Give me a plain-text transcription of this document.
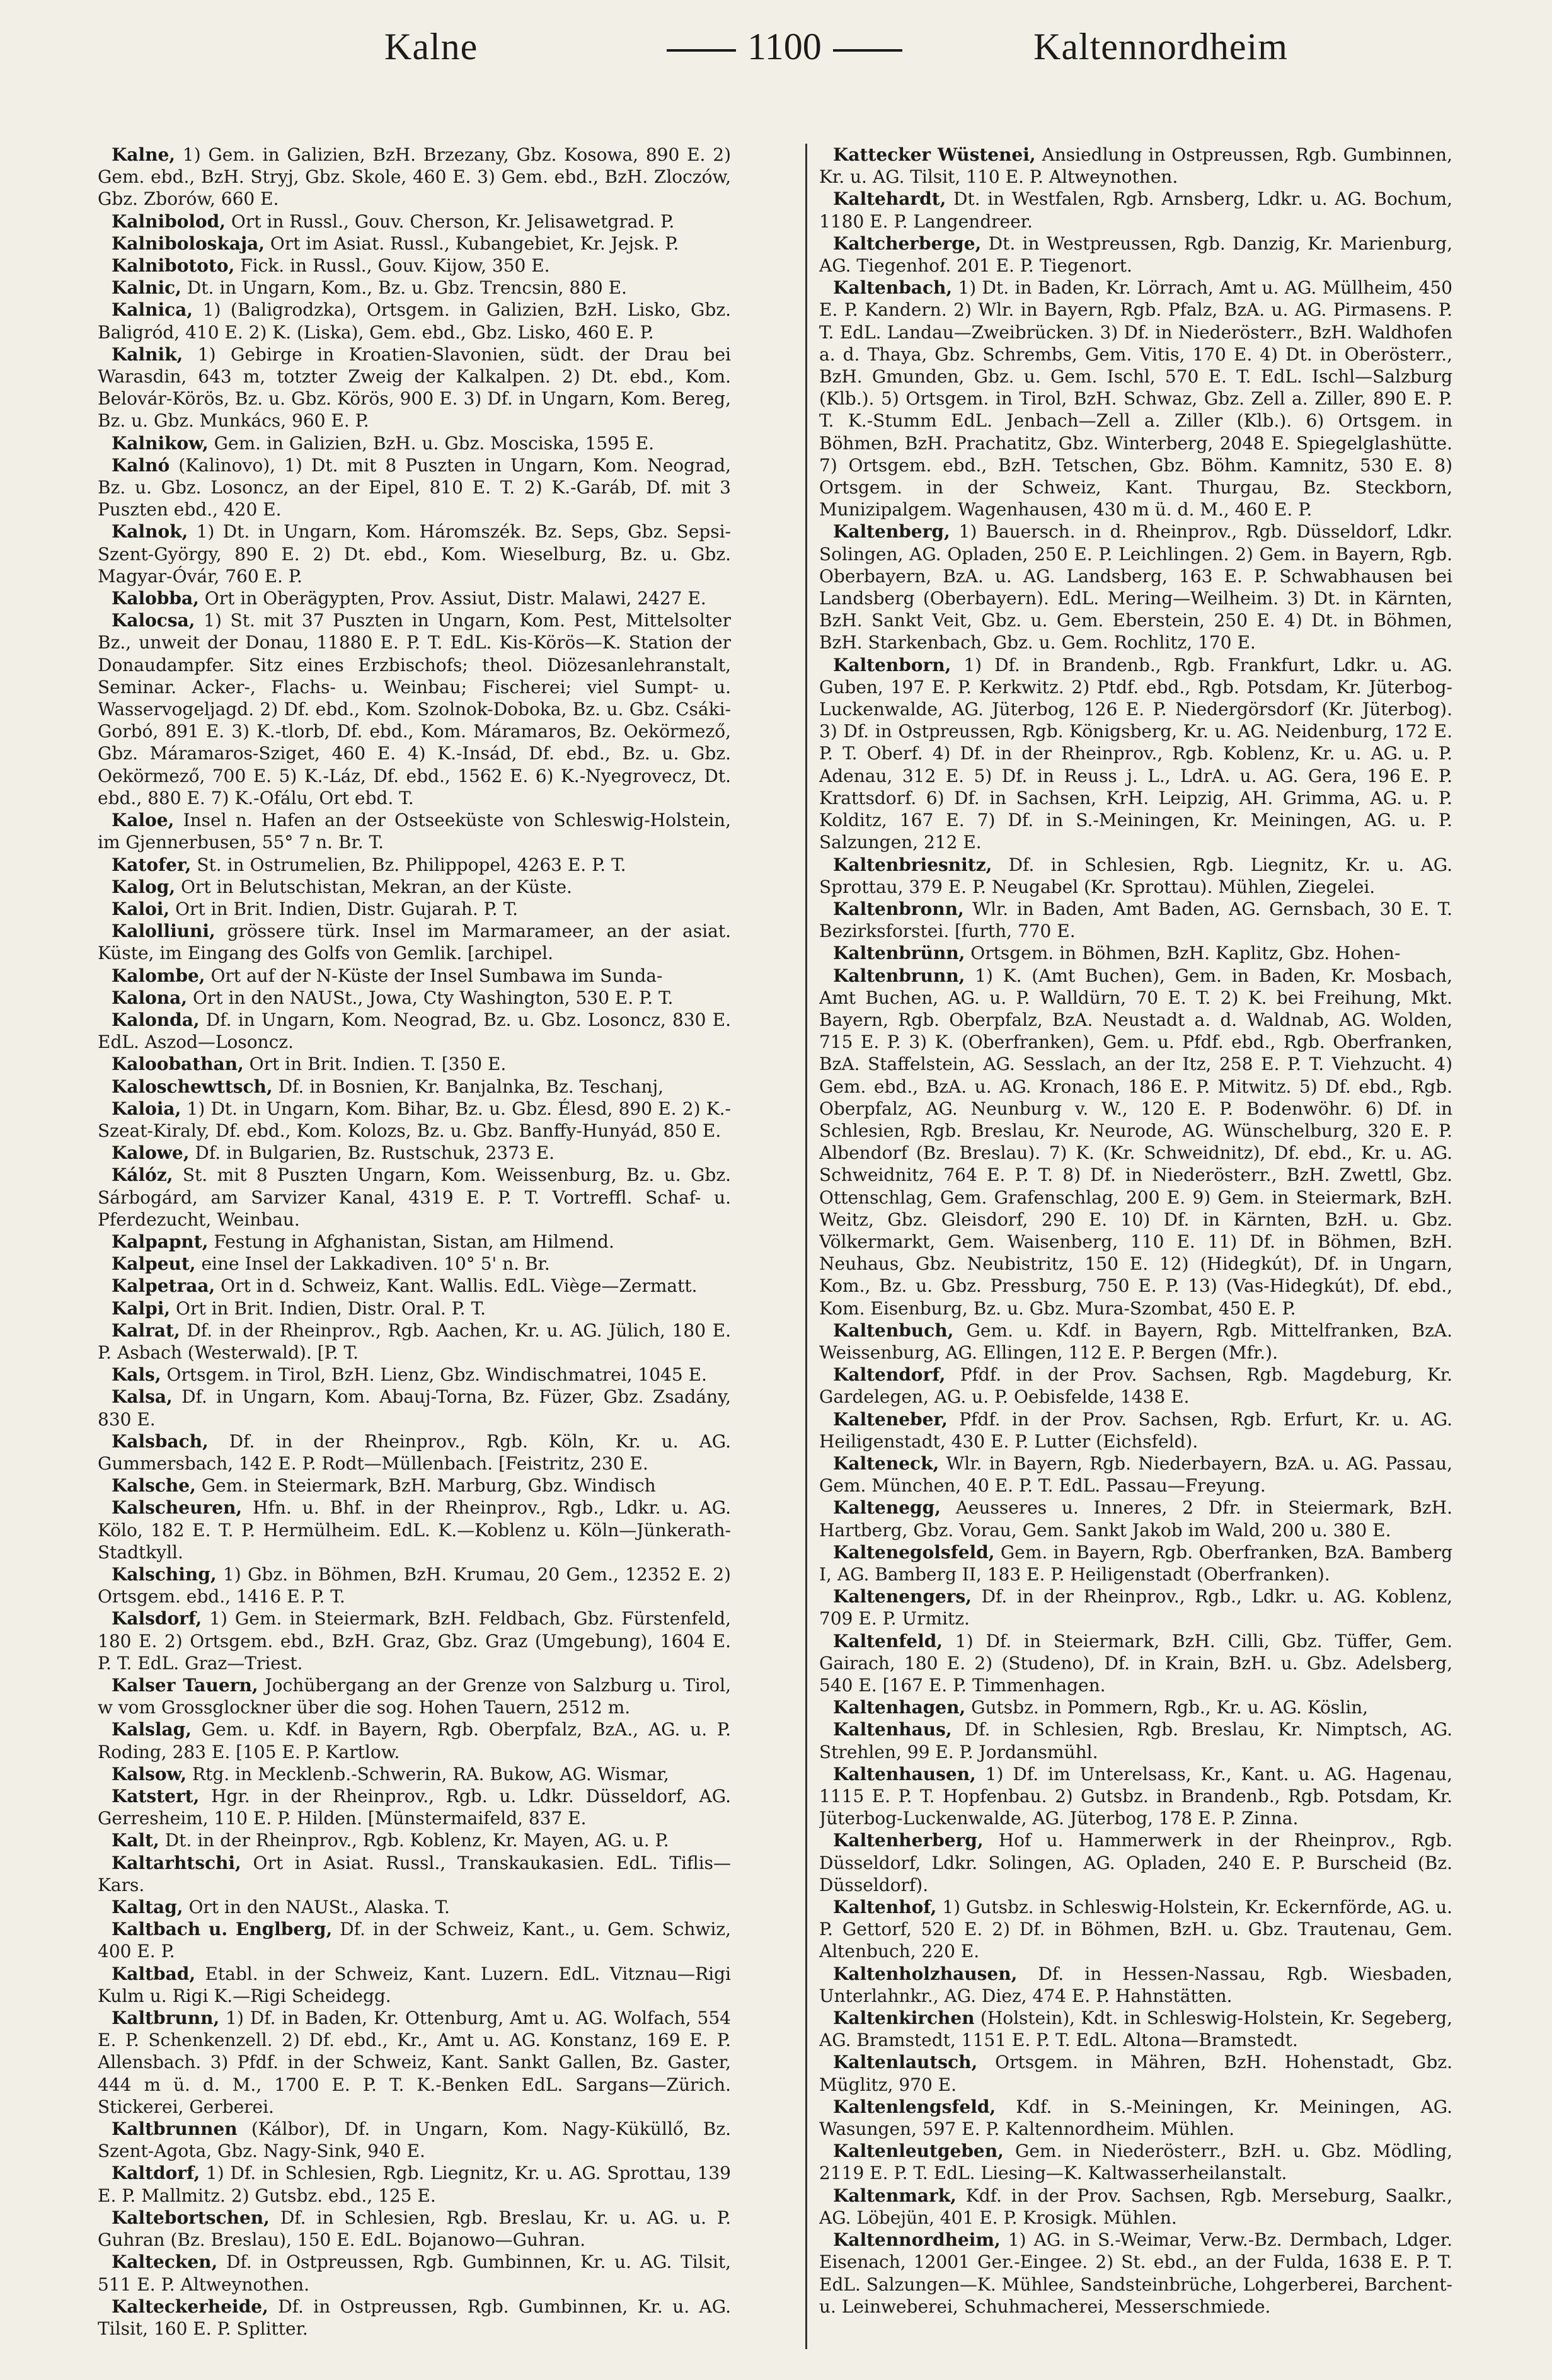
Kalne	1100	Kaltennordheim

Kalne, 1) Gem. in Galizien, BzH. Brzezany, Gbz. Kosowa, 890 E. 2) Gem. ebd., BzH. Stryj, Gbz. Skole, 460 E. 3) Gem. ebd., BzH. Zloczów, Gbz. Zborów, 660 E.

Kalnibolod, Ort in Russl., Gouv. Cherson, Kr. Jelisawetgrad. P.

Kalniboloskaja, Ort im Asiat. Russl., Kubangebiet, Kr. Jejsk. P.

Kalnibototo, Fick. in Russl., Gouv. Kijow, 350 E.

Kalnic, Dt. in Ungarn, Kom., Bz. u. Gbz. Trencsin, 880 E.

Kalnica, 1) (Baligrodzka), Ortsgem. in Galizien, BzH. Lisko, Gbz. Baligród, 410 E. 2) K. (Liska), Gem. ebd., Gbz. Lisko, 460 E. P.

Kalnik, 1) Gebirge in Kroatien-Slavonien, südt. der Drau bei Warasdin, 643 m, totzter Zweig der Kalkalpen. 2) Dt. ebd., Kom. Belovár-Körös, Bz. u. Gbz. Körös, 900 E. 3) Df. in Ungarn, Kom. Bereg, Bz. u. Gbz. Munkács, 960 E. P.

Kalnikow, Gem. in Galizien, BzH. u. Gbz. Mosciska, 1595 E.

Kalnó (Kalinovo), 1) Dt. mit 8 Puszten in Ungarn, Kom. Neograd, Bz. u. Gbz. Losoncz, an der Eipel, 810 E. T. 2) K.-Garáb, Df. mit 3 Puszten ebd., 420 E.

Kalnok, 1) Dt. in Ungarn, Kom. Háromszék. Bz. Seps, Gbz. Sepsi-Szent-György, 890 E. 2) Dt. ebd., Kom. Wieselburg, Bz. u. Gbz. Magyar-Óvár, 760 E. P.

Kalobba, Ort in Oberägypten, Prov. Assiut, Distr. Malawi, 2427 E.

Kalocsa, 1) St. mit 37 Puszten in Ungarn, Kom. Pest, Mittelsolter Bz., unweit der Donau, 11880 E. P. T. EdL. Kis-Körös—K. Station der Donaudampfer. Sitz eines Erzbischofs; theol. Diözesanlehranstalt, Seminar. Acker-, Flachs- u. Weinbau; Fischerei; viel Sumpt- u. Wasservogeljagd. 2) Df. ebd., Kom. Szolnok-Doboka, Bz. u. Gbz. Csáki-Gorbó, 891 E. 3) K.-tlorb, Df. ebd., Kom. Máramaros, Bz. Oekörmező, Gbz. Máramaros-Sziget, 460 E. 4) K.-Insád, Df. ebd., Bz. u. Gbz. Oekörmező, 700 E. 5) K.-Láz, Df. ebd., 1562 E. 6) K.-Nyegrovecz, Dt. ebd., 880 E. 7) K.-Ofálu, Ort ebd. T.

Kaloe, Insel n. Hafen an der Ostseeküste von Schleswig-Holstein, im Gjennerbusen, 55° 7 n. Br. T.

Katofer, St. in Ostrumelien, Bz. Philippopel, 4263 E. P. T.

Kalog, Ort in Belutschistan, Mekran, an der Küste.

Kaloi, Ort in Brit. Indien, Distr. Gujarah. P. T.

Kalolliuni, grössere türk. Insel im Marmarameer, an der asiat. Küste, im Eingang des Golfs von Gemlik. [archipel.

Kalombe, Ort auf der N-Küste der Insel Sumbawa im Sunda-

Kalona, Ort in den NAUSt., Jowa, Cty Washington, 530 E. P. T.

Kalonda, Df. in Ungarn, Kom. Neograd, Bz. u. Gbz. Losoncz, 830 E. EdL. Aszod—Losoncz.

Kaloobathan, Ort in Brit. Indien. T. [350 E.

Kaloschewttsch, Df. in Bosnien, Kr. Banjalnka, Bz. Teschanj,

Kaloia, 1) Dt. in Ungarn, Kom. Bihar, Bz. u. Gbz. Élesd, 890 E. 2) K.-Szeat-Kiraly, Df. ebd., Kom. Kolozs, Bz. u. Gbz. Banffy-Hunyád, 850 E.

Kalowe, Df. in Bulgarien, Bz. Rustschuk, 2373 E.

Kálóz, St. mit 8 Puszten Ungarn, Kom. Weissenburg, Bz. u. Gbz. Sárbogárd, am Sarvizer Kanal, 4319 E. P. T. Vortreffl. Schaf- u. Pferdezucht, Weinbau.

Kalpapnt, Festung in Afghanistan, Sistan, am Hilmend.

Kalpeut, eine Insel der Lakkadiven. 10° 5' n. Br.

Kalpetraa, Ort in d. Schweiz, Kant. Wallis. EdL. Viège—Zermatt.

Kalpi, Ort in Brit. Indien, Distr. Oral. P. T.

Kalrat, Df. in der Rheinprov., Rgb. Aachen, Kr. u. AG. Jülich, 180 E. P. Asbach (Westerwald). [P. T.

Kals, Ortsgem. in Tirol, BzH. Lienz, Gbz. Windischmatrei, 1045 E.

Kalsa, Df. in Ungarn, Kom. Abauj-Torna, Bz. Füzer, Gbz. Zsadány, 830 E.

Kalsbach, Df. in der Rheinprov., Rgb. Köln, Kr. u. AG. Gummersbach, 142 E. P. Rodt—Müllenbach. [Feistritz, 230 E.

Kalsche, Gem. in Steiermark, BzH. Marburg, Gbz. Windisch

Kalscheuren, Hfn. u. Bhf. in der Rheinprov., Rgb., Ldkr. u. AG. Kölo, 182 E. T. P. Hermülheim. EdL. K.—Koblenz u. Köln—Jünkerath-Stadtkyll.

Kalsching, 1) Gbz. in Böhmen, BzH. Krumau, 20 Gem., 12352 E. 2) Ortsgem. ebd., 1416 E. P. T.

Kalsdorf, 1) Gem. in Steiermark, BzH. Feldbach, Gbz. Fürstenfeld, 180 E. 2) Ortsgem. ebd., BzH. Graz, Gbz. Graz (Umgebung), 1604 E. P. T. EdL. Graz—Triest.

Kalser Tauern, Jochübergang an der Grenze von Salzburg u. Tirol, w vom Grossglockner über die sog. Hohen Tauern, 2512 m.

Kalslag, Gem. u. Kdf. in Bayern, Rgb. Oberpfalz, BzA., AG. u. P. Roding, 283 E. [105 E. P. Kartlow.

Kalsow, Rtg. in Mecklenb.-Schwerin, RA. Bukow, AG. Wismar,

Katstert, Hgr. in der Rheinprov., Rgb. u. Ldkr. Düsseldorf, AG. Gerresheim, 110 E. P. Hilden. [Münstermaifeld, 837 E.

Kalt, Dt. in der Rheinprov., Rgb. Koblenz, Kr. Mayen, AG. u. P.

Kaltarhtschi, Ort in Asiat. Russl., Transkaukasien. EdL. Tiflis—Kars.

Kaltag, Ort in den NAUSt., Alaska. T.

Kaltbach u. Englberg, Df. in der Schweiz, Kant., u. Gem. Schwiz, 400 E. P.

Kaltbad, Etabl. in der Schweiz, Kant. Luzern. EdL. Vitznau—Rigi Kulm u. Rigi K.—Rigi Scheidegg.

Kaltbrunn, 1) Df. in Baden, Kr. Ottenburg, Amt u. AG. Wolfach, 554 E. P. Schenkenzell. 2) Df. ebd., Kr., Amt u. AG. Konstanz, 169 E. P. Allensbach. 3) Pfdf. in der Schweiz, Kant. Sankt Gallen, Bz. Gaster, 444 m ü. d. M., 1700 E. P. T. K.-Benken EdL. Sargans—Zürich. Stickerei, Gerberei.

Kaltbrunnen (Kálbor), Df. in Ungarn, Kom. Nagy-Küküllő, Bz. Szent-Agota, Gbz. Nagy-Sink, 940 E.

Kaltdorf, 1) Df. in Schlesien, Rgb. Liegnitz, Kr. u. AG. Sprottau, 139 E. P. Mallmitz. 2) Gutsbz. ebd., 125 E.

Kaltebortschen, Df. in Schlesien, Rgb. Breslau, Kr. u. AG. u. P. Guhran (Bz. Breslau), 150 E. EdL. Bojanowo—Guhran.

Kaltecken, Df. in Ostpreussen, Rgb. Gumbinnen, Kr. u. AG. Tilsit, 511 E. P. Altweynothen.

Kalteckerheide, Df. in Ostpreussen, Rgb. Gumbinnen, Kr. u. AG. Tilsit, 160 E. P. Splitter.

Kattecker Wüstenei, Ansiedlung in Ostpreussen, Rgb. Gumbinnen, Kr. u. AG. Tilsit, 110 E. P. Altweynothen.

Kaltehardt, Dt. in Westfalen, Rgb. Arnsberg, Ldkr. u. AG. Bochum, 1180 E. P. Langendreer.

Kaltcherberge, Dt. in Westpreussen, Rgb. Danzig, Kr. Marienburg, AG. Tiegenhof. 201 E. P. Tiegenort.

Kaltenbach, 1) Dt. in Baden, Kr. Lörrach, Amt u. AG. Müllheim, 450 E. P. Kandern. 2) Wlr. in Bayern, Rgb. Pfalz, BzA. u. AG. Pirmasens. P. T. EdL. Landau—Zweibrücken. 3) Df. in Niederösterr., BzH. Waldhofen a. d. Thaya, Gbz. Schrembs, Gem. Vitis, 170 E. 4) Dt. in Oberösterr., BzH. Gmunden, Gbz. u. Gem. Ischl, 570 E. T. EdL. Ischl—Salzburg (Klb.). 5) Ortsgem. in Tirol, BzH. Schwaz, Gbz. Zell a. Ziller, 890 E. P. T. K.-Stumm EdL. Jenbach—Zell a. Ziller (Klb.). 6) Ortsgem. in Böhmen, BzH. Prachatitz, Gbz. Winterberg, 2048 E. Spiegelglashütte. 7) Ortsgem. ebd., BzH. Tetschen, Gbz. Böhm. Kamnitz, 530 E. 8) Ortsgem. in der Schweiz, Kant. Thurgau, Bz. Steckborn, Munizipalgem. Wagenhausen, 430 m ü. d. M., 460 E. P.

Kaltenberg, 1) Bauersch. in d. Rheinprov., Rgb. Düsseldorf, Ldkr. Solingen, AG. Opladen, 250 E. P. Leichlingen. 2) Gem. in Bayern, Rgb. Oberbayern, BzA. u. AG. Landsberg, 163 E. P. Schwabhausen bei Landsberg (Oberbayern). EdL. Mering—Weilheim. 3) Dt. in Kärnten, BzH. Sankt Veit, Gbz. u. Gem. Eberstein, 250 E. 4) Dt. in Böhmen, BzH. Starkenbach, Gbz. u. Gem. Rochlitz, 170 E.

Kaltenborn, 1) Df. in Brandenb., Rgb. Frankfurt, Ldkr. u. AG. Guben, 197 E. P. Kerkwitz. 2) Ptdf. ebd., Rgb. Potsdam, Kr. Jüterbog-Luckenwalde, AG. Jüterbog, 126 E. P. Niedergörsdorf (Kr. Jüterbog). 3) Df. in Ostpreussen, Rgb. Königsberg, Kr. u. AG. Neidenburg, 172 E. P. T. Oberf. 4) Df. in der Rheinprov., Rgb. Koblenz, Kr. u. AG. u. P. Adenau, 312 E. 5) Df. in Reuss j. L., LdrA. u. AG. Gera, 196 E. P. Krattsdorf. 6) Df. in Sachsen, KrH. Leipzig, AH. Grimma, AG. u. P. Kolditz, 167 E. 7) Df. in S.-Meiningen, Kr. Meiningen, AG. u. P. Salzungen, 212 E.

Kaltenbriesnitz, Df. in Schlesien, Rgb. Liegnitz, Kr. u. AG. Sprottau, 379 E. P. Neugabel (Kr. Sprottau). Mühlen, Ziegelei.

Kaltenbronn, Wlr. in Baden, Amt Baden, AG. Gernsbach, 30 E. T. Bezirksforstei. [furth, 770 E.

Kaltenbrünn, Ortsgem. in Böhmen, BzH. Kaplitz, Gbz. Hohen-

Kaltenbrunn, 1) K. (Amt Buchen), Gem. in Baden, Kr. Mosbach, Amt Buchen, AG. u. P. Walldürn, 70 E. T. 2) K. bei Freihung, Mkt. Bayern, Rgb. Oberpfalz, BzA. Neustadt a. d. Waldnab, AG. Wolden, 715 E. P. 3) K. (Oberfranken), Gem. u. Pfdf. ebd., Rgb. Oberfranken, BzA. Staffelstein, AG. Sesslach, an der Itz, 258 E. P. T. Viehzucht. 4) Gem. ebd., BzA. u. AG. Kronach, 186 E. P. Mitwitz. 5) Df. ebd., Rgb. Oberpfalz, AG. Neunburg v. W., 120 E. P. Bodenwöhr. 6) Df. in Schlesien, Rgb. Breslau, Kr. Neurode, AG. Wünschelburg, 320 E. P. Albendorf (Bz. Breslau). 7) K. (Kr. Schweidnitz), Df. ebd., Kr. u. AG. Schweidnitz, 764 E. P. T. 8) Df. in Niederösterr., BzH. Zwettl, Gbz. Ottenschlag, Gem. Grafenschlag, 200 E. 9) Gem. in Steiermark, BzH. Weitz, Gbz. Gleisdorf, 290 E. 10) Df. in Kärnten, BzH. u. Gbz. Völkermarkt, Gem. Waisenberg, 110 E. 11) Df. in Böhmen, BzH. Neuhaus, Gbz. Neubistritz, 150 E. 12) (Hidegkút), Df. in Ungarn, Kom., Bz. u. Gbz. Pressburg, 750 E. P. 13) (Vas-Hidegkút), Df. ebd., Kom. Eisenburg, Bz. u. Gbz. Mura-Szombat, 450 E. P.

Kaltenbuch, Gem. u. Kdf. in Bayern, Rgb. Mittelfranken, BzA. Weissenburg, AG. Ellingen, 112 E. P. Bergen (Mfr.).

Kaltendorf, Pfdf. in der Prov. Sachsen, Rgb. Magdeburg, Kr. Gardelegen, AG. u. P. Oebisfelde, 1438 E.

Kalteneber, Pfdf. in der Prov. Sachsen, Rgb. Erfurt, Kr. u. AG. Heiligenstadt, 430 E. P. Lutter (Eichsfeld).

Kalteneck, Wlr. in Bayern, Rgb. Niederbayern, BzA. u. AG. Passau, Gem. München, 40 E. P. T. EdL. Passau—Freyung.

Kaltenegg, Aeusseres u. Inneres, 2 Dfr. in Steiermark, BzH. Hartberg, Gbz. Vorau, Gem. Sankt Jakob im Wald, 200 u. 380 E.

Kaltenegolsfeld, Gem. in Bayern, Rgb. Oberfranken, BzA. Bamberg I, AG. Bamberg II, 183 E. P. Heiligenstadt (Oberfranken).

Kaltenengers, Df. in der Rheinprov., Rgb., Ldkr. u. AG. Koblenz, 709 E. P. Urmitz.

Kaltenfeld, 1) Df. in Steiermark, BzH. Cilli, Gbz. Tüffer, Gem. Gairach, 180 E. 2) (Studeno), Df. in Krain, BzH. u. Gbz. Adelsberg, 540 E. [167 E. P. Timmenhagen.

Kaltenhagen, Gutsbz. in Pommern, Rgb., Kr. u. AG. Köslin,

Kaltenhaus, Df. in Schlesien, Rgb. Breslau, Kr. Nimptsch, AG. Strehlen, 99 E. P. Jordansmühl.

Kaltenhausen, 1) Df. im Unterelsass, Kr., Kant. u. AG. Hagenau, 1115 E. P. T. Hopfenbau. 2) Gutsbz. in Brandenb., Rgb. Potsdam, Kr. Jüterbog-Luckenwalde, AG. Jüterbog, 178 E. P. Zinna.

Kaltenherberg, Hof u. Hammerwerk in der Rheinprov., Rgb. Düsseldorf, Ldkr. Solingen, AG. Opladen, 240 E. P. Burscheid (Bz. Düsseldorf).

Kaltenhof, 1) Gutsbz. in Schleswig-Holstein, Kr. Eckernförde, AG. u. P. Gettorf, 520 E. 2) Df. in Böhmen, BzH. u. Gbz. Trautenau, Gem. Altenbuch, 220 E.

Kaltenholzhausen, Df. in Hessen-Nassau, Rgb. Wiesbaden, Unterlahnkr., AG. Diez, 474 E. P. Hahnstätten.

Kaltenkirchen (Holstein), Kdt. in Schleswig-Holstein, Kr. Segeberg, AG. Bramstedt, 1151 E. P. T. EdL. Altona—Bramstedt.

Kaltenlautsch, Ortsgem. in Mähren, BzH. Hohenstadt, Gbz. Müglitz, 970 E.

Kaltenlengsfeld, Kdf. in S.-Meiningen, Kr. Meiningen, AG. Wasungen, 597 E. P. Kaltennordheim. Mühlen.

Kaltenleutgeben, Gem. in Niederösterr., BzH. u. Gbz. Mödling, 2119 E. P. T. EdL. Liesing—K. Kaltwasserheilanstalt.

Kaltenmark, Kdf. in der Prov. Sachsen, Rgb. Merseburg, Saalkr., AG. Löbejün, 401 E. P. Krosigk. Mühlen.

Kaltennordheim, 1) AG. in S.-Weimar, Verw.-Bz. Dermbach, Ldger. Eisenach, 12001 Ger.-Eingee. 2) St. ebd., an der Fulda, 1638 E. P. T. EdL. Salzungen—K. Mühlee, Sandsteinbrüche, Lohgerberei, Barchent- u. Leinweberei, Schuhmacherei, Messerschmiede.
